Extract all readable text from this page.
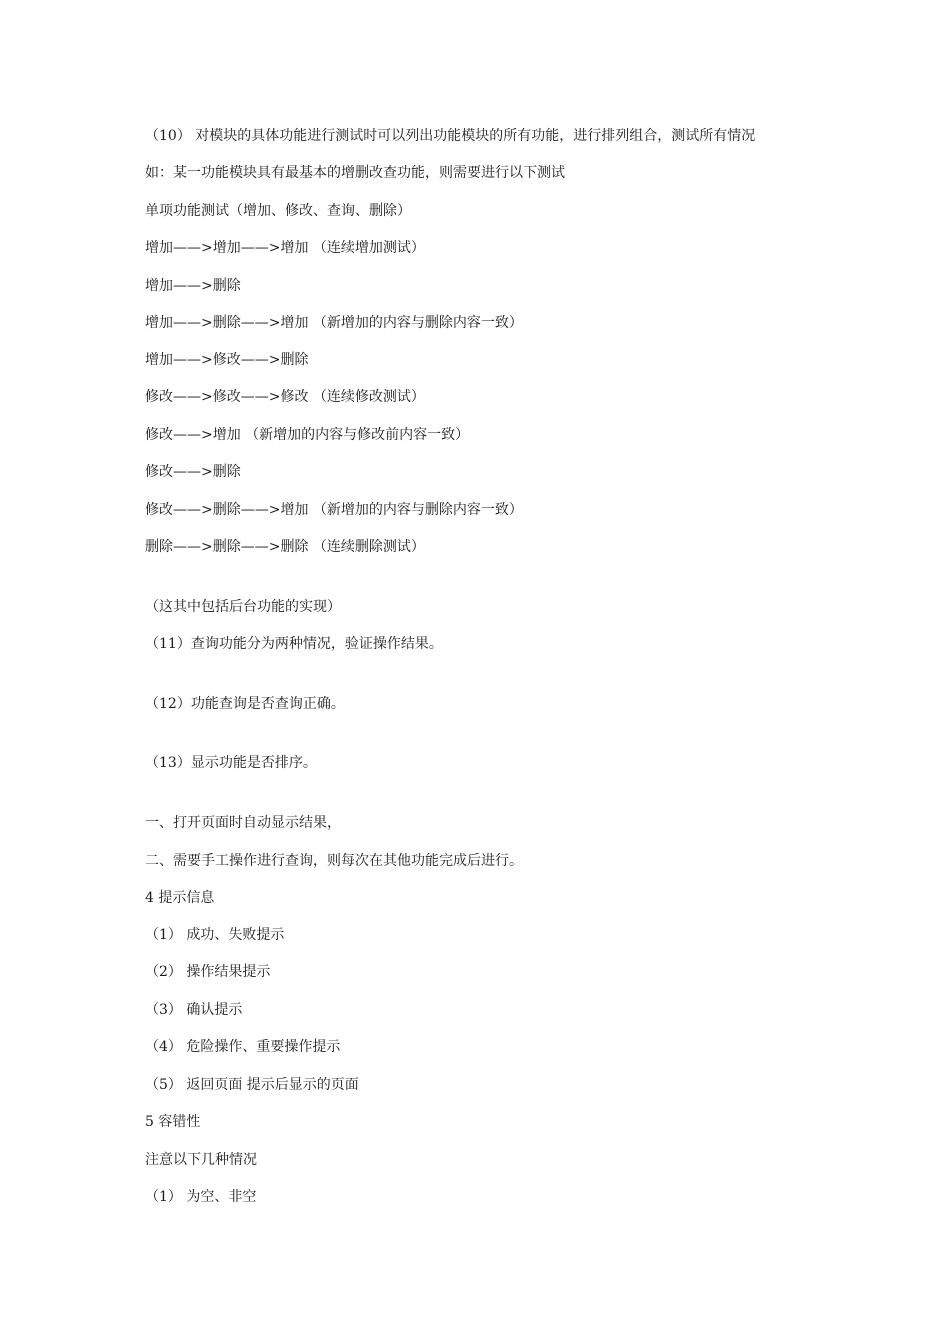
（10） 对模块的具体功能进行测试时可以列出功能模块的所有功能，进行排列组合，测试所有情况
如：某一功能模块具有最基本的增删改查功能，则需要进行以下测试
单项功能测试（增加、修改、查询、删除）
增加——>增加——>增加 （连续增加测试）
增加——>删除
增加——>删除——>增加 （新增加的内容与删除内容一致）
增加——>修改——>删除
修改——>修改——>修改 （连续修改测试）
修改——>增加 （新增加的内容与修改前内容一致）
修改——>删除
修改——>删除——>增加 （新增加的内容与删除内容一致）
删除——>删除——>删除 （连续删除测试）
（这其中包括后台功能的实现）
（11）查询功能分为两种情况，验证操作结果。
（12）功能查询是否查询正确。
（13）显示功能是否排序。
一、打开页面时自动显示结果，
二、需要手工操作进行查询，则每次在其他功能完成后进行。
4 提示信息
（1） 成功、失败提示
（2） 操作结果提示
（3） 确认提示
（4） 危险操作、重要操作提示
（5） 返回页面 提示后显示的页面
5 容错性
注意以下几种情况
（1） 为空、非空
